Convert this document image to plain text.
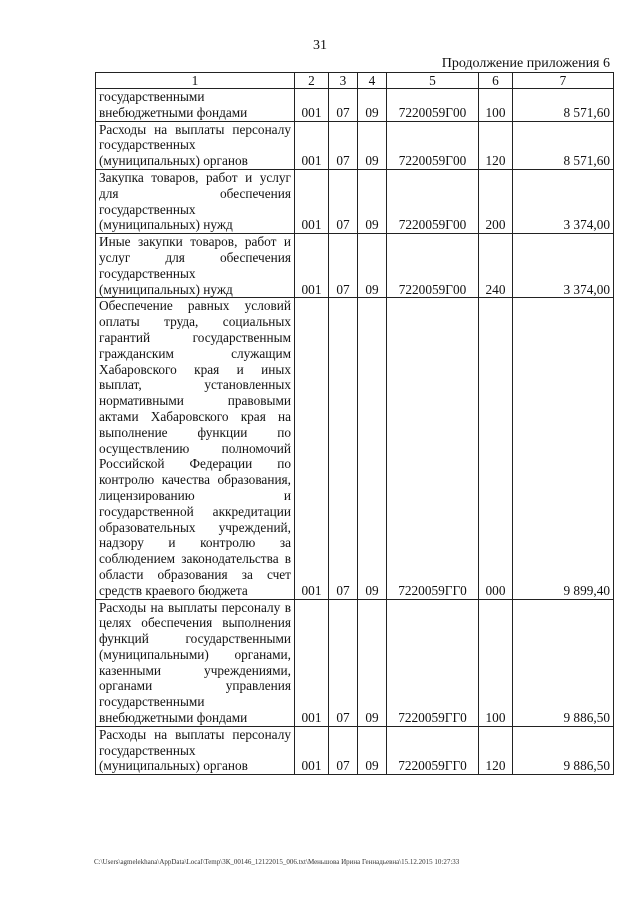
31
Продолжение приложения 6
1	2	3	4	5	6	7
государственными внебюджетными фондами	001	07	09	7220059Г00	100	8 571,60
Расходы на выплаты персоналу государственных (муниципальных) органов	001	07	09	7220059Г00	120	8 571,60
Закупка товаров, работ и услуг для обеспечения государственных (муниципальных) нужд	001	07	09	7220059Г00	200	3 374,00
Иные закупки товаров, работ и услуг для обеспечения государственных (муниципальных) нужд	001	07	09	7220059Г00	240	3 374,00
Обеспечение равных условий оплаты труда, социальных гарантий государственным гражданским служащим Хабаровского края и иных выплат, установленных нормативными правовыми актами Хабаровского края на выполнение функции по осуществлению полномочий Российской Федерации по контролю качества образования, лицензированию и государственной аккредитации образовательных учреждений, надзору и контролю за соблюдением законодательства в области образования за счет средств краевого бюджета	001	07	09	7220059ГГ0	000	9 899,40
Расходы на выплаты персоналу в целях обеспечения выполнения функций государственными (муниципальными) органами, казенными учреждениями, органами управления государственными внебюджетными фондами	001	07	09	7220059ГГ0	100	9 886,50
Расходы на выплаты персоналу государственных (муниципальных) органов	001	07	09	7220059ГГ0	120	9 886,50
C:\Users\agmelekhana\AppData\Local\Temp\3К_00146_12122015_006.txt\Меньшова Ирина Геннадьевна\15.12.2015 10:27:33
